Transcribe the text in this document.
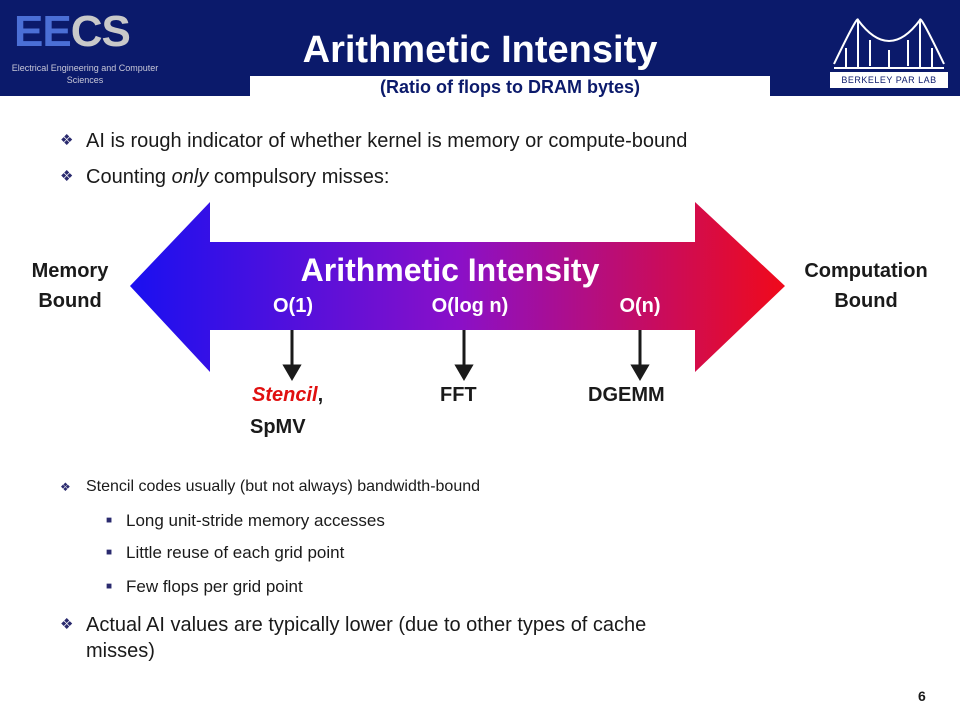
EECS
Electrical Engineering and Computer Sciences
Arithmetic Intensity
BERKELEY PAR LAB
(Ratio of flops to DRAM bytes)
❖ AI is rough indicator of whether kernel is memory or compute-bound
❖ Counting only compulsory misses:
Memory
Bound
Computation
Bound
Arithmetic Intensity
O(1)	O(log n)	O(n)
Stencil,
SpMV
FFT	DGEMM
❖ Stencil codes usually (but not always) bandwidth-bound
■ Long unit-stride memory accesses
■ Little reuse of each grid point
■ Few flops per grid point
❖ Actual AI values are typically lower (due to other types of cache
misses)
6
